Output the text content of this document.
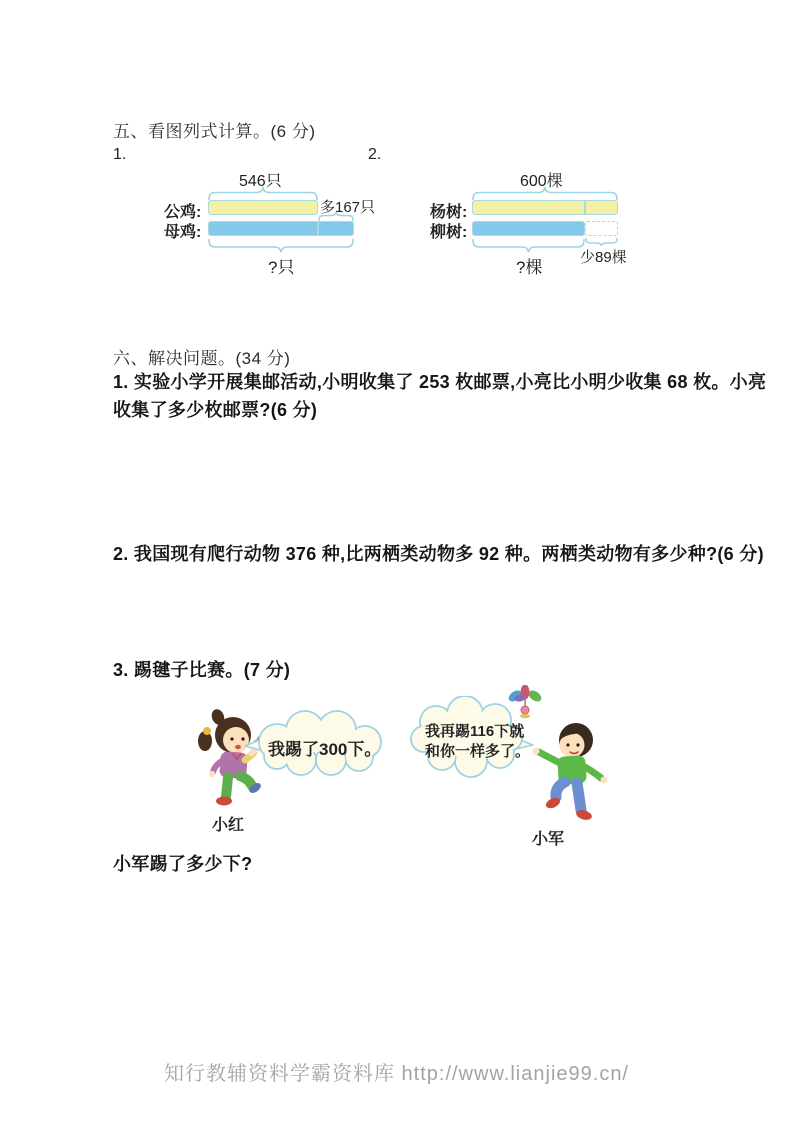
五、看图列式计算。(6 分)
1.	2.
546只
公鸡:	多167只
母鸡:
?只
600棵
杨树:
柳树:
?棵
少89棵
六、解决问题。(34 分)
1. 实验小学开展集邮活动,小明收集了 253 枚邮票,小亮比小明少收集 68 枚。小亮
收集了多少枚邮票?(6 分)
2. 我国现有爬行动物 376 种,比两栖类动物多 92 种。两栖类动物有多少种?(6 分)
3. 踢毽子比赛。(7 分)
小红
我踢了300下。
我再踢116下就
和你一样多了。
小军
小军踢了多少下?
知行教辅资料学霸资料库 http://www.lianjie99.cn/
